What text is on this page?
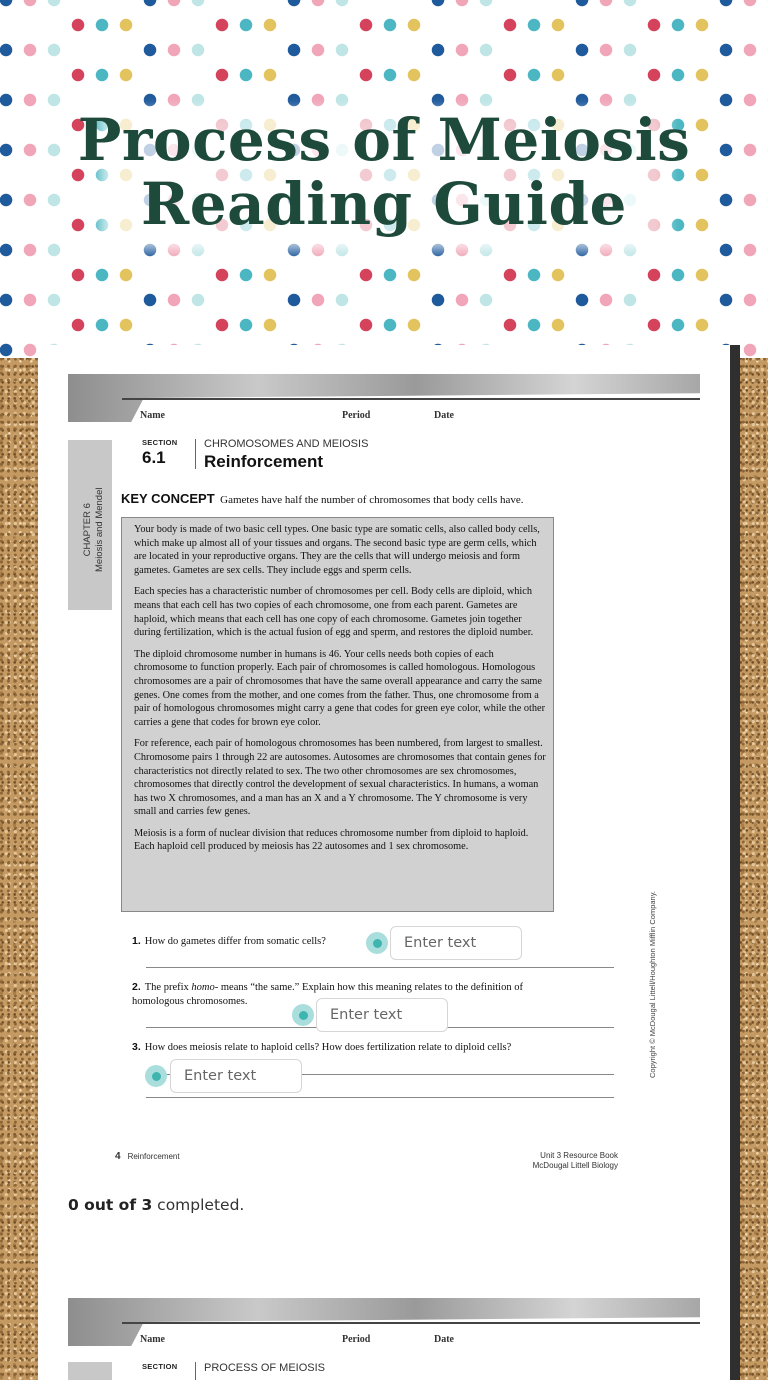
Process of Meiosis
Reading Guide
Name	Period	Date
CHAPTER 6 Meiosis and Mendel
SECTION
6.1
CHROMOSOMES AND MEIOSIS
Reinforcement
KEY CONCEPT Gametes have half the number of chromosomes that body cells have.

Your body is made of two basic cell types. One basic type are somatic cells, also called body cells, which make up almost all of your tissues and organs. The second basic type are germ cells, which are located in your reproductive organs. They are the cells that will undergo meiosis and form gametes. Gametes are sex cells. They include eggs and sperm cells.

Each species has a characteristic number of chromosomes per cell. Body cells are diploid, which means that each cell has two copies of each chromosome, one from each parent. Gametes are haploid, which means that each cell has one copy of each chromosome. Gametes join together during fertilization, which is the actual fusion of egg and sperm, and restores the diploid number.

The diploid chromosome number in humans is 46. Your cells needs both copies of each chromosome to function properly. Each pair of chromosomes is called homologous. Homologous chromosomes are a pair of chromosomes that have the same overall appearance and carry the same genes. One comes from the mother, and one comes from the father. Thus, one chromosome from a pair of homologous chromosomes might carry a gene that codes for green eye color, while the other carries a gene that codes for brown eye color.

For reference, each pair of homologous chromosomes has been numbered, from largest to smallest. Chromosome pairs 1 through 22 are autosomes. Autosomes are chromosomes that contain genes for characteristics not directly related to sex. The two other chromosomes are sex chromosomes, chromosomes that directly control the development of sexual characteristics. In humans, a woman has two X chromosomes, and a man has an X and a Y chromosome. The Y chromosome is very small and carries few genes.

Meiosis is a form of nuclear division that reduces chromosome number from diploid to haploid. Each haploid cell produced by meiosis has 22 autosomes and 1 sex chromosome.

1. How do gametes differ from somatic cells?
Enter text
2. The prefix homo- means “the same.” Explain how this meaning relates to the definition of homologous chromosomes.
Enter text
3. How does meiosis relate to haploid cells? How does fertilization relate to diploid cells?
Enter text	Copyright © McDougal Littell/Houghton Mifflin Company.
4 Reinforcement	Unit 3 Resource Book
McDougal Littell Biology
0 out of 3 completed.
Name	Period	Date
SECTION PROCESS OF MEIOSIS
